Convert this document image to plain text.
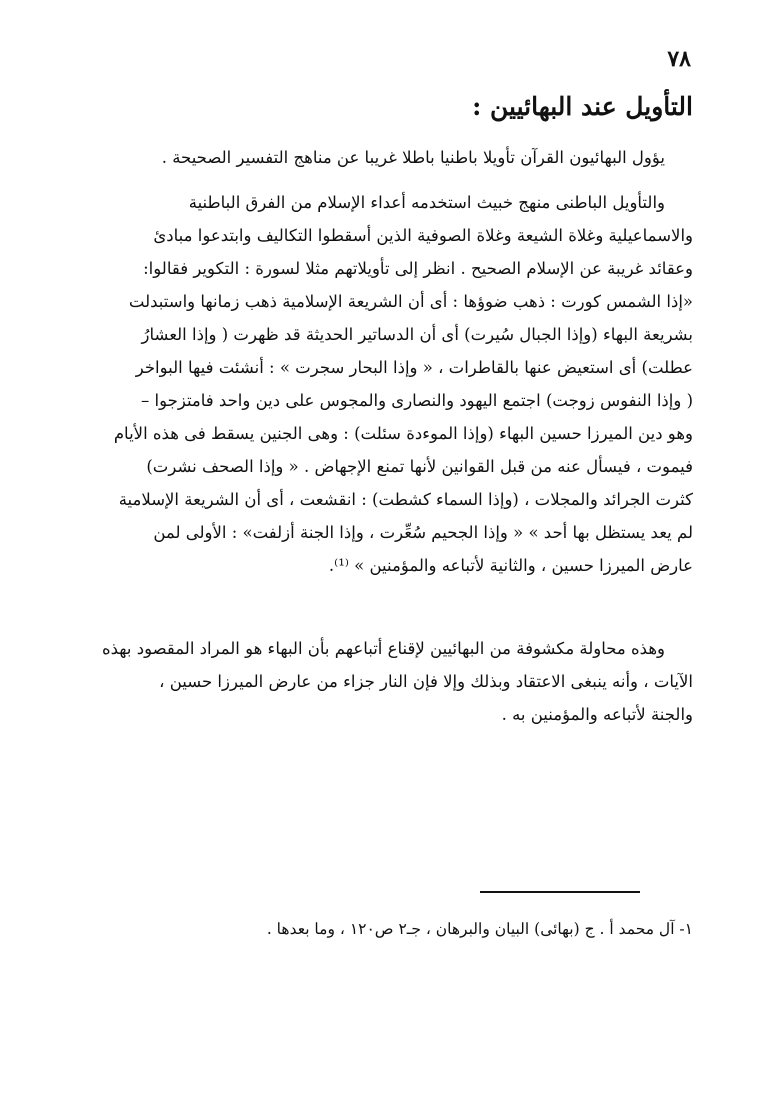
٧٨
التأويل عند البهائيين :
يؤول البهائيون القرآن تأويلا باطنيا باطلا غريبا عن مناهج التفسير الصحيحة .
والتأويل الباطنى منهج خبيث استخدمه أعداء الإسلام من الفرق الباطنية
والاسماعيلية وغلاة الشيعة وغلاة الصوفية الذين أسقطوا التكاليف وابتدعوا مبادئ
وعقائد غريبة عن الإسلام الصحيح . انظر إلى تأويلاتهم مثلا لسورة : التكوير فقالوا:
«إذا الشمس كورت : ذهب ضوؤها : أى أن الشريعة الإسلامية ذهب زمانها واستبدلت
بشريعة البهاء (وإذا الجبال سُيرت) أى أن الدساتير الحديثة قد ظهرت ( وإذا العشارُ
عطلت) أى استعيض عنها بالقاطرات ، « وإذا البحار سجرت » : أنشئت فيها البواخر
( وإذا النفوس زوجت) اجتمع اليهود والنصارى والمجوس على دين واحد فامتزجوا –
وهو دين الميرزا حسين البهاء (وإذا الموءدة سئلت) : وهى الجنين يسقط فى هذه الأيام
فيموت ، فيسأل عنه من قبل القوانين لأنها تمنع الإجهاض . « وإذا الصحف نشرت)
كثرت الجرائد والمجلات ، (وإذا السماء كشطت) : انقشعت ، أى أن الشريعة الإسلامية
لم يعد يستظل بها أحد » « وإذا الجحيم سُعِّرت ، وإذا الجنة أزلفت» : الأولى لمن
عارض الميرزا حسين ، والثانية لأتباعه والمؤمنين » ⁽¹⁾.
وهذه محاولة مكشوفة من البهائيين لإقناع أتباعهم بأن البهاء هو المراد المقصود بهذه
الآيات ، وأنه ينبغى الاعتقاد وبذلك وإلا فإن النار جزاء من عارض الميرزا حسين ،
والجنة لأتباعه والمؤمنين به .
١- آل محمد أ . ج (بهائى) البيان والبرهان ، جـ٢ ص١٢٠ ، وما بعدها .
